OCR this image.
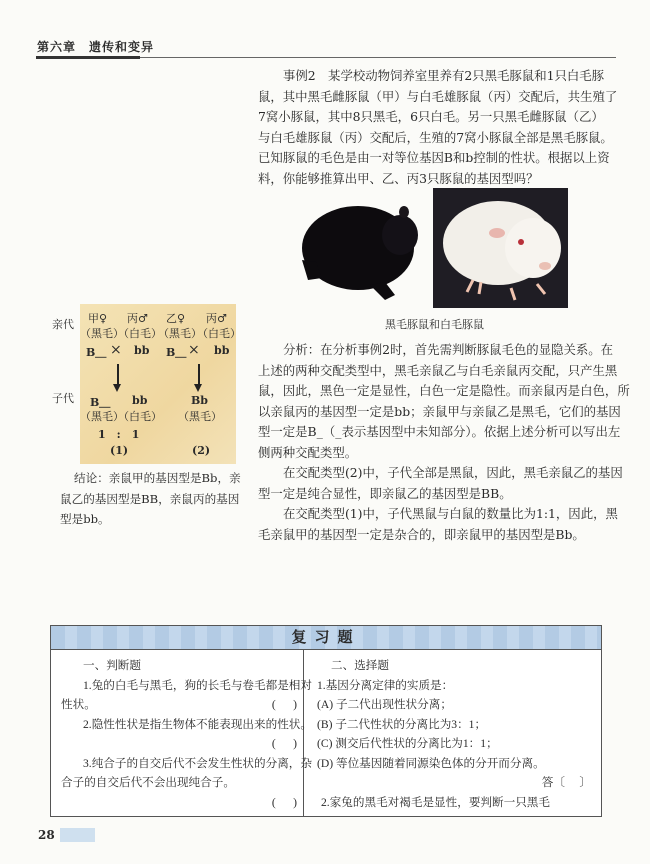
第六章　遗传和变异
事例2　某学校动物饲养室里养有2只黑毛豚鼠和1只白毛豚
鼠，其中黑毛雌豚鼠（甲）与白毛雄豚鼠（丙）交配后，共生殖了
7窝小豚鼠，其中8只黑毛，6只白毛。另一只黑毛雌豚鼠（乙）
与白毛雄豚鼠（丙）交配后，生殖的7窝小豚鼠全部是黑毛豚鼠。
已知豚鼠的毛色是由一对等位基因B和b控制的性状。根据以上资
料，你能够推算出甲、乙、丙3只豚鼠的基因型吗？
黑毛豚鼠和白毛豚鼠
亲代
子代
甲♀ 丙♂
（黑毛）
（白毛）
B＿ × bb
B＿ bb
（黑毛）
（白毛）
1　:　1
(1)
乙♀ 丙♂
（黑毛）
（白毛）
B＿ × bb
Bb
（黑毛）
(2)
结论：亲鼠甲的基因型是Bb，亲
鼠乙的基因型是BB，亲鼠丙的基因
型是bb。
分析：在分析事例2时，首先需判断豚鼠毛色的显隐关系。在
上述的两种交配类型中，黑毛亲鼠乙与白毛亲鼠丙交配，只产生黑
鼠，因此，黑色一定是显性，白色一定是隐性。而亲鼠丙是白色，所
以亲鼠丙的基因型一定是bb；亲鼠甲与亲鼠乙是黑毛，它们的基因
型一定是B_（_表示基因型中未知部分）。依据上述分析可以写出左
侧两种交配类型。
在交配类型(2)中，子代全部是黑鼠，因此，黑毛亲鼠乙的基因
型一定是纯合显性，即亲鼠乙的基因型是BB。
在交配类型(1)中，子代黑鼠与白鼠的数量比为1:1，因此，黑
毛亲鼠甲的基因型一定是杂合的，即亲鼠甲的基因型是Bb。
复习题
一、判断题
1.兔的白毛与黑毛，狗的长毛与卷毛都是相对
性状。	( 　 )
2.隐性性状是指生物体不能表现出来的性状。
( 　 )
3.纯合子的自交后代不会发生性状的分离，杂
合子的自交后代不会出现纯合子。
( 　 )
二、选择题
1.基因分离定律的实质是：
(A) 子二代出现性状分离；
(B) 子二代性状的分离比为3：1；
(C) 测交后代性状的分离比为1：1；
(D) 等位基因随着同源染色体的分开而分离。
答〔　 〕
2.家兔的黑毛对褐毛是显性，要判断一只黑毛
28
